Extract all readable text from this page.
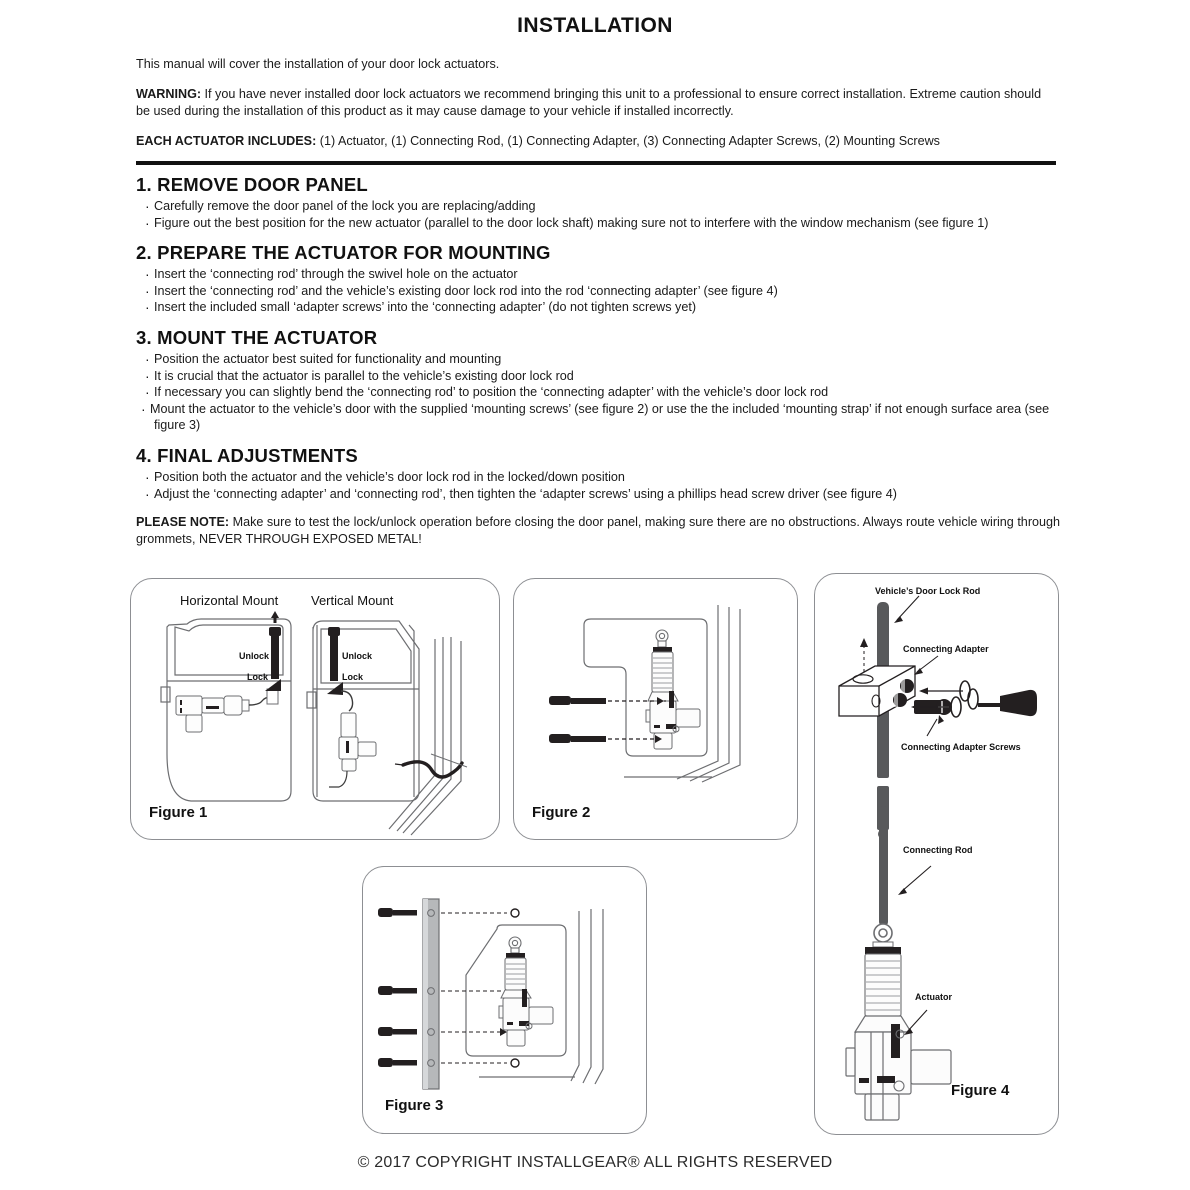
INSTALLATION

This manual will cover the installation of your door lock actuators.

WARNING: If you have never installed door lock actuators we recommend bringing this unit to a professional to ensure correct installation. Extreme caution should be used during the installation of this product as it may cause damage to your vehicle if installed incorrectly.

EACH ACTUATOR INCLUDES: (1) Actuator, (1) Connecting Rod, (1) Connecting Adapter, (3) Connecting Adapter Screws, (2) Mounting Screws

1. REMOVE DOOR PANEL
· Carefully remove the door panel of the lock you are replacing/adding
· Figure out the best position for the new actuator (parallel to the door lock shaft) making sure not to interfere with the window mechanism (see figure 1)
2. PREPARE THE ACTUATOR FOR MOUNTING
· Insert the ‘connecting rod’ through the swivel hole on the actuator
· Insert the ‘connecting rod’ and the vehicle’s existing door lock rod into the rod ‘connecting adapter’ (see figure 4)
· Insert the included small ‘adapter screws’ into the ‘connecting adapter’ (do not tighten screws yet)
3. MOUNT THE ACTUATOR
· Position the actuator best suited for functionality and mounting
· It is crucial that the actuator is parallel to the vehicle’s existing door lock rod
· If necessary you can slightly bend the ‘connecting rod’ to position the ‘connecting adapter’ with the vehicle’s door lock rod
· Mount the actuator to the vehicle’s door with the supplied ‘mounting screws’ (see figure 2) or use the the included ‘mounting strap’ if not enough surface area (see figure 3)
4. FINAL ADJUSTMENTS
· Position both the actuator and the vehicle’s door lock rod in the locked/down position
· Adjust the ‘connecting adapter’ and ‘connecting rod’, then tighten the ‘adapter screws’ using a phillips head screw driver (see figure 4)
PLEASE NOTE: Make sure to test the lock/unlock operation before closing the door panel, making sure there are no obstructions. Always route vehicle wiring through grommets, NEVER THROUGH EXPOSED METAL!
Horizontal Mount	Vertical Mount
Unlock
Lock
Unlock
Lock
Figure 1	Figure 2
Figure 3
Vehicle’s Door Lock Rod
Connecting Adapter
Connecting Adapter Screws
Connecting Rod
Actuator
Figure 4
© 2017 COPYRIGHT INSTALLGEAR® ALL RIGHTS RESERVED
